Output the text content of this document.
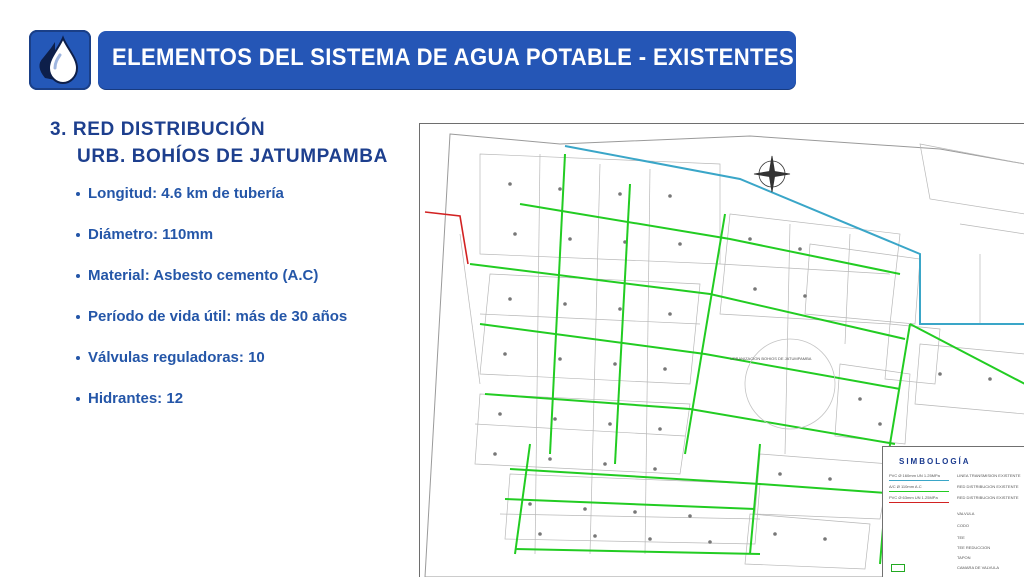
ELEMENTOS DEL SISTEMA DE AGUA POTABLE - EXISTENTES
3. RED DISTRIBUCIÓN
URB. BOHÍOS DE JATUMPAMBA
Longitud: 4.6 km de tubería
Diámetro: 110mm
Material: Asbesto cemento (A.C)
Período de vida útil: más de 30 años
Válvulas reguladoras: 10
Hidrantes: 12
URBANIZACION BOHIOS DE JATUMPAMBA
SIMBOLOGÍA
PVC Ø 160mm UN 1.25MPa	LINEA TRANSMISION EXISTENTE
A/C Ø 110mm A.C	RED DISTRIBUCION EXISTENTE
PVC Ø 63mm UN 1.25MPa	RED DISTRIBUCION EXISTENTE
VALVULA
CODO
TEE
TEE REDUCCION
TAPON
CAMARA DE VALVULA
